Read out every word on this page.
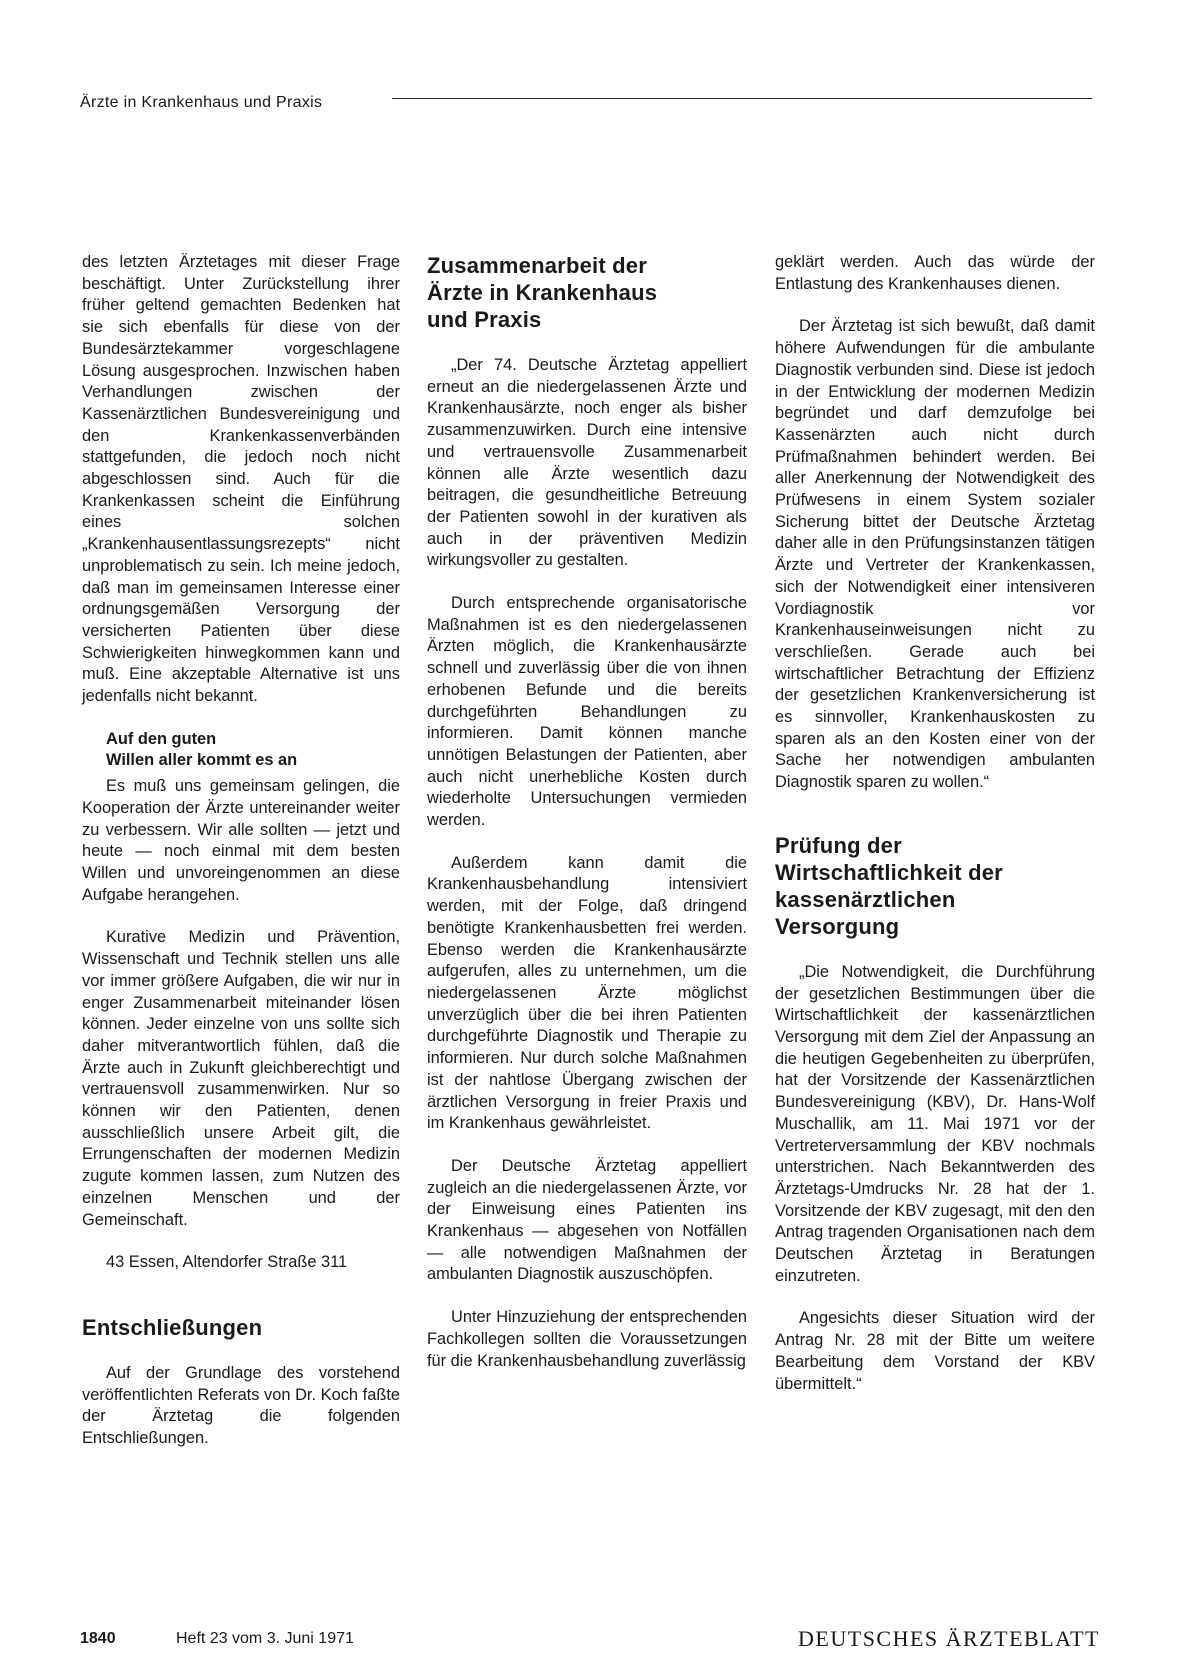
Ärzte in Krankenhaus und Praxis

des letzten Ärztetages mit dieser Frage beschäftigt. Unter Zurückstellung ihrer früher geltend gemachten Bedenken hat sie sich ebenfalls für diese von der Bundesärztekammer vorgeschlagene Lösung ausgesprochen. Inzwischen haben Verhandlungen zwischen der Kassenärztlichen Bundesvereinigung und den Krankenkassenverbänden stattgefunden, die jedoch noch nicht abgeschlossen sind. Auch für die Krankenkassen scheint die Einführung eines solchen „Krankenhausentlassungsrezepts“ nicht unproblematisch zu sein. Ich meine jedoch, daß man im gemeinsamen Interesse einer ordnungsgemäßen Versorgung der versicherten Patienten über diese Schwierigkeiten hinwegkommen kann und muß. Eine akzeptable Alternative ist uns jedenfalls nicht bekannt.

Auf den guten
Willen aller kommt es an

Es muß uns gemeinsam gelingen, die Kooperation der Ärzte untereinander weiter zu verbessern. Wir alle sollten — jetzt und heute — noch einmal mit dem besten Willen und unvoreingenommen an diese Aufgabe herangehen.

Kurative Medizin und Prävention, Wissenschaft und Technik stellen uns alle vor immer größere Aufgaben, die wir nur in enger Zusammenarbeit miteinander lösen können. Jeder einzelne von uns sollte sich daher mitverantwortlich fühlen, daß die Ärzte auch in Zukunft gleichberechtigt und vertrauensvoll zusammenwirken. Nur so können wir den Patienten, denen ausschließlich unsere Arbeit gilt, die Errungenschaften der modernen Medizin zugute kommen lassen, zum Nutzen des einzelnen Menschen und der Gemeinschaft.

43 Essen, Altendorfer Straße 311
Entschließungen

Auf der Grundlage des vorstehend veröffentlichten Referats von Dr. Koch faßte der Ärztetag die folgenden Entschließungen.

Zusammenarbeit der
Ärzte in Krankenhaus
und Praxis

„Der 74. Deutsche Ärztetag appelliert erneut an die niedergelassenen Ärzte und Krankenhausärzte, noch enger als bisher zusammenzuwirken. Durch eine intensive und vertrauensvolle Zusammenarbeit können alle Ärzte wesentlich dazu beitragen, die gesundheitliche Betreuung der Patienten sowohl in der kurativen als auch in der präventiven Medizin wirkungsvoller zu gestalten.

Durch entsprechende organisatorische Maßnahmen ist es den niedergelassenen Ärzten möglich, die Krankenhausärzte schnell und zuverlässig über die von ihnen erhobenen Befunde und die bereits durchgeführten Behandlungen zu informieren. Damit können manche unnötigen Belastungen der Patienten, aber auch nicht unerhebliche Kosten durch wiederholte Untersuchungen vermieden werden.

Außerdem kann damit die Krankenhausbehandlung intensiviert werden, mit der Folge, daß dringend benötigte Krankenhausbetten frei werden. Ebenso werden die Krankenhausärzte aufgerufen, alles zu unternehmen, um die niedergelassenen Ärzte möglichst unverzüglich über die bei ihren Patienten durchgeführte Diagnostik und Therapie zu informieren. Nur durch solche Maßnahmen ist der nahtlose Übergang zwischen der ärztlichen Versorgung in freier Praxis und im Krankenhaus gewährleistet.

Der Deutsche Ärztetag appelliert zugleich an die niedergelassenen Ärzte, vor der Einweisung eines Patienten ins Krankenhaus — abgesehen von Notfällen — alle notwendigen Maßnahmen der ambulanten Diagnostik auszuschöpfen.

Unter Hinzuziehung der entsprechenden Fachkollegen sollten die Voraussetzungen für die Krankenhausbehandlung zuverlässig

geklärt werden. Auch das würde der Entlastung des Krankenhauses dienen.

Der Ärztetag ist sich bewußt, daß damit höhere Aufwendungen für die ambulante Diagnostik verbunden sind. Diese ist jedoch in der Entwicklung der modernen Medizin begründet und darf demzufolge bei Kassenärzten auch nicht durch Prüfmaßnahmen behindert werden. Bei aller Anerkennung der Notwendigkeit des Prüfwesens in einem System sozialer Sicherung bittet der Deutsche Ärztetag daher alle in den Prüfungsinstanzen tätigen Ärzte und Vertreter der Krankenkassen, sich der Notwendigkeit einer intensiveren Vordiagnostik vor Krankenhauseinweisungen nicht zu verschließen. Gerade auch bei wirtschaftlicher Betrachtung der Effizienz der gesetzlichen Krankenversicherung ist es sinnvoller, Krankenhauskosten zu sparen als an den Kosten einer von der Sache her notwendigen ambulanten Diagnostik sparen zu wollen.“

Prüfung der
Wirtschaftlichkeit der
kassenärztlichen
Versorgung

„Die Notwendigkeit, die Durchführung der gesetzlichen Bestimmungen über die Wirtschaftlichkeit der kassenärztlichen Versorgung mit dem Ziel der Anpassung an die heutigen Gegebenheiten zu überprüfen, hat der Vorsitzende der Kassenärztlichen Bundesvereinigung (KBV), Dr. Hans-Wolf Muschallik, am 11. Mai 1971 vor der Vertreterversammlung der KBV nochmals unterstrichen. Nach Bekanntwerden des Ärztetags-Umdrucks Nr. 28 hat der 1. Vorsitzende der KBV zugesagt, mit den den Antrag tragenden Organisationen nach dem Deutschen Ärztetag in Beratungen einzutreten.

Angesichts dieser Situation wird der Antrag Nr. 28 mit der Bitte um weitere Bearbeitung dem Vorstand der KBV übermittelt.“

1840	Heft 23 vom 3. Juni 1971	DEUTSCHES ÄRZTEBLATT
